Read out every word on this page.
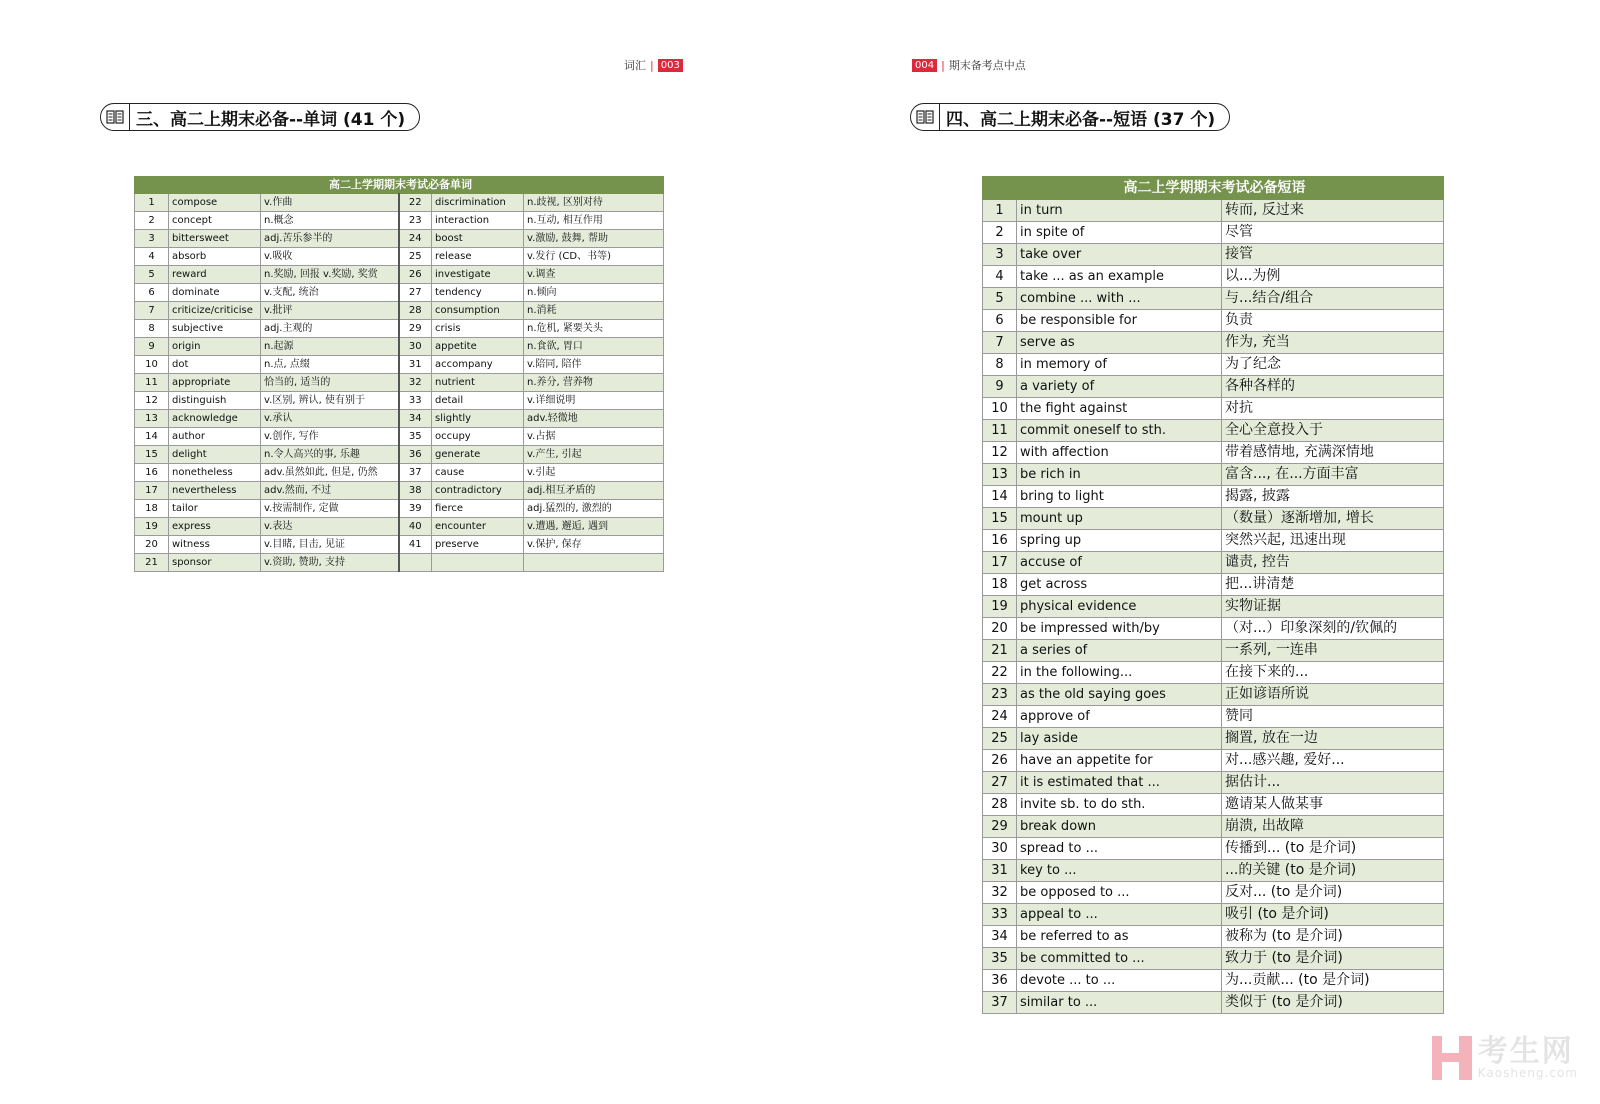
词汇 | 003	004 | 期末备考点中点
三、高二上期末必备--单词 (41 个)	四、高二上期末必备--短语 (37 个)
高二上学期期末考试必备单词					
1	compose	v.作曲	22	discrimination	n.歧视, 区别对待
2	concept	n.概念	23	interaction	n.互动, 相互作用
3	bittersweet	adj.苦乐参半的	24	boost	v.激励, 鼓舞, 帮助
4	absorb	v.吸收	25	release	v.发行 (CD、书等)
5	reward	n.奖励, 回报 v.奖励, 奖赏	26	investigate	v.调查
6	dominate	v.支配, 统治	27	tendency	n.倾向
7	criticize/criticise	v.批评	28	consumption	n.消耗
8	subjective	adj.主观的	29	crisis	n.危机, 紧要关头
9	origin	n.起源	30	appetite	n.食欲, 胃口
10	dot	n.点, 点缀	31	accompany	v.陪同, 陪伴
11	appropriate	恰当的, 适当的	32	nutrient	n.养分, 营养物
12	distinguish	v.区别, 辨认, 使有别于	33	detail	v.详细说明
13	acknowledge	v.承认	34	slightly	adv.轻微地
14	author	v.创作, 写作	35	occupy	v.占据
15	delight	n.令人高兴的事, 乐趣	36	generate	v.产生, 引起
16	nonetheless	adv.虽然如此, 但是, 仍然	37	cause	v.引起
17	nevertheless	adv.然而, 不过	38	contradictory	adj.相互矛盾的
18	tailor	v.按需制作, 定做	39	fierce	adj.猛烈的, 激烈的
19	express	v.表达	40	encounter	v.遭遇, 邂逅, 遇到
20	witness	v.目睹, 目击, 见证	41	preserve	v.保护, 保存
21	sponsor	v.资助, 赞助, 支持			
高二上学期期末考试必备短语		
1	in turn	转而, 反过来
2	in spite of	尽管
3	take over	接管
4	take ... as an example	以...为例
5	combine ... with ...	与...结合/组合
6	be responsible for	负责
7	serve as	作为, 充当
8	in memory of	为了纪念
9	a variety of	各种各样的
10	the fight against	对抗
11	commit oneself to sth.	全心全意投入于
12	with affection	带着感情地, 充满深情地
13	be rich in	富含..., 在...方面丰富
14	bring to light	揭露, 披露
15	mount up	（数量）逐渐增加, 增长
16	spring up	突然兴起, 迅速出现
17	accuse of	谴责, 控告
18	get across	把...讲清楚
19	physical evidence	实物证据
20	be impressed with/by	（对...）印象深刻的/钦佩的
21	a series of	一系列, 一连串
22	in the following...	在接下来的...
23	as the old saying goes	正如谚语所说
24	approve of	赞同
25	lay aside	搁置, 放在一边
26	have an appetite for	对...感兴趣, 爱好...
27	it is estimated that ...	据估计...
28	invite sb. to do sth.	邀请某人做某事
29	break down	崩溃, 出故障
30	spread to ...	传播到... (to 是介词)
31	key to ...	...的关键 (to 是介词)
32	be opposed to ...	反对... (to 是介词)
33	appeal to ...	吸引 (to 是介词)
34	be referred to as	被称为 (to 是介词)
35	be committed to ...	致力于 (to 是介词)
36	devote ... to ...	为...贡献... (to 是介词)
37	similar to ...	类似于 (to 是介词)
考生网
Kaosheng.com
